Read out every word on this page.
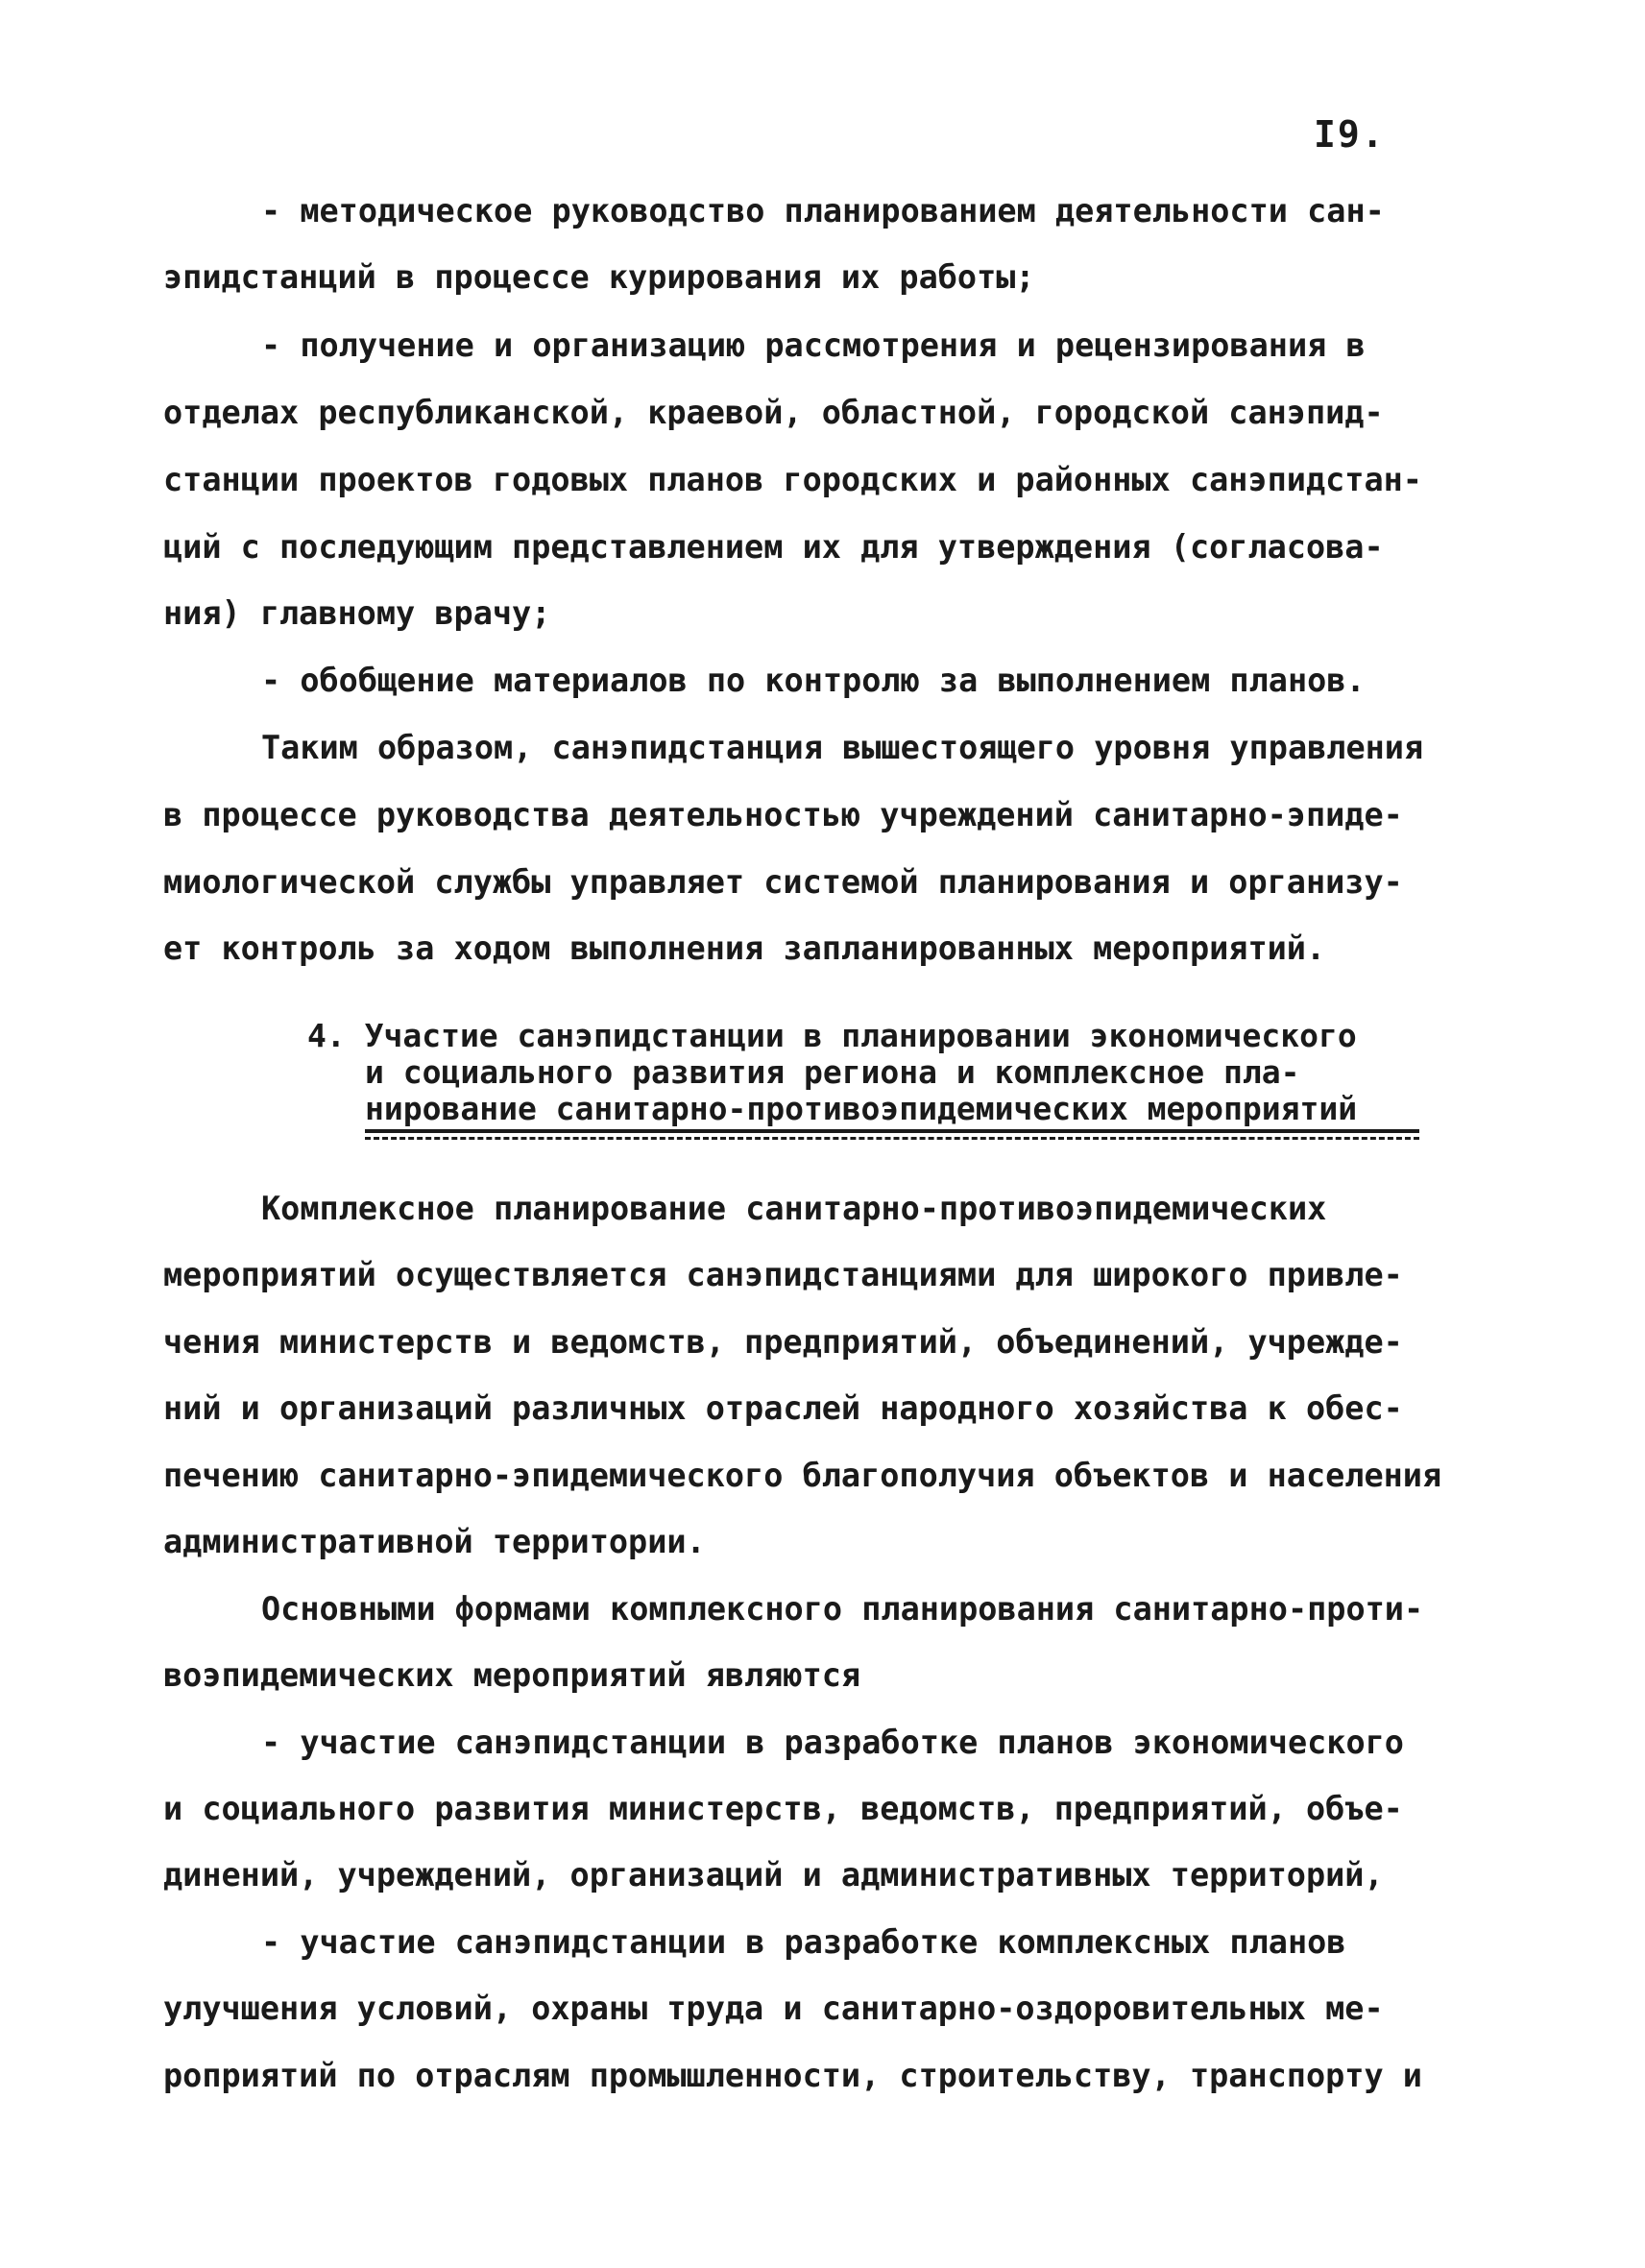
I9.
- методическое руководство планированием деятельности сан-
эпидстанций в процессе курирования их работы;
- получение и организацию рассмотрения и рецензирования в
отделах республиканской, краевой, областной, городской санэпид-
станции проектов годовых планов городских и районных санэпидстан-
ций с последующим представлением их для утверждения (согласова-
ния) главному врачу;
- обобщение материалов по контролю за выполнением планов.
Таким образом, санэпидстанция вышестоящего уровня управления
в процессе руководства деятельностью учреждений санитарно-эпиде-
миологической службы управляет системой планирования и организу-
ет контроль за ходом выполнения запланированных мероприятий.
4. Участие санэпидстанции в планировании экономического
и социального развития региона и комплексное пла-
нирование санитарно-противоэпидемических мероприятий
Комплексное планирование санитарно-противоэпидемических
мероприятий осуществляется санэпидстанциями для широкого привле-
чения министерств и ведомств, предприятий, объединений, учрежде-
ний и организаций различных отраслей народного хозяйства к обес-
печению санитарно-эпидемического благополучия объектов и населения
административной территории.
Основными формами комплексного планирования санитарно-проти-
воэпидемических мероприятий являются
- участие санэпидстанции в разработке планов экономического
и социального развития министерств, ведомств, предприятий, объе-
динений, учреждений, организаций и административных территорий,
- участие санэпидстанции в разработке комплексных планов
улучшения условий, охраны труда и санитарно-оздоровительных ме-
роприятий по отраслям промышленности, строительству, транспорту и
